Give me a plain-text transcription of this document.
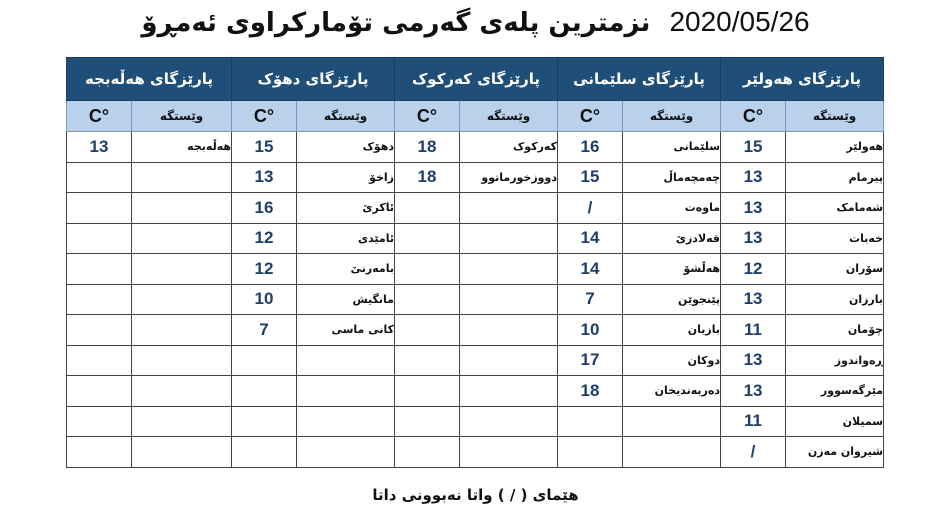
نزمترین پلەی گەرمی تۆمارکراوی ئەمڕۆ 2020/05/26
پارێزگای هەولێر		پارێزگای سلێمانی		پارێزگای کەرکوک		پارێزگای دهۆک		پارێزگای هەڵەبجە	
وێستگە	°C	وێستگە	°C	وێستگە	°C	وێستگە	°C	وێستگە	°C
هەولێر	15	سلێمانی	16	کەرکوک	18	دهۆک	15	هەڵەبجە	13
پیرمام	13	چەمچەماڵ	15	دووزخورماتوو	18	زاخۆ	13		
شەمامک	13	ماوەت	/			ئاکرێ	16		
خەبات	13	قەلادزێ	14			ئامێدی	12		
سۆران	12	هەڵشۆ	14			بامەرنێ	12		
بارزان	13	پێنجوێن	7			مانگیش	10		
چۆمان	11	بازیان	10			کانی ماسی	7		
ڕەواندوز	13	دوکان	17						
مێرگەسوور	13	دەربەندیخان	18						
سمیلان	11								
شیروان مەزن	/								
هێمای ( / ) واتا نەبوونی داتا
